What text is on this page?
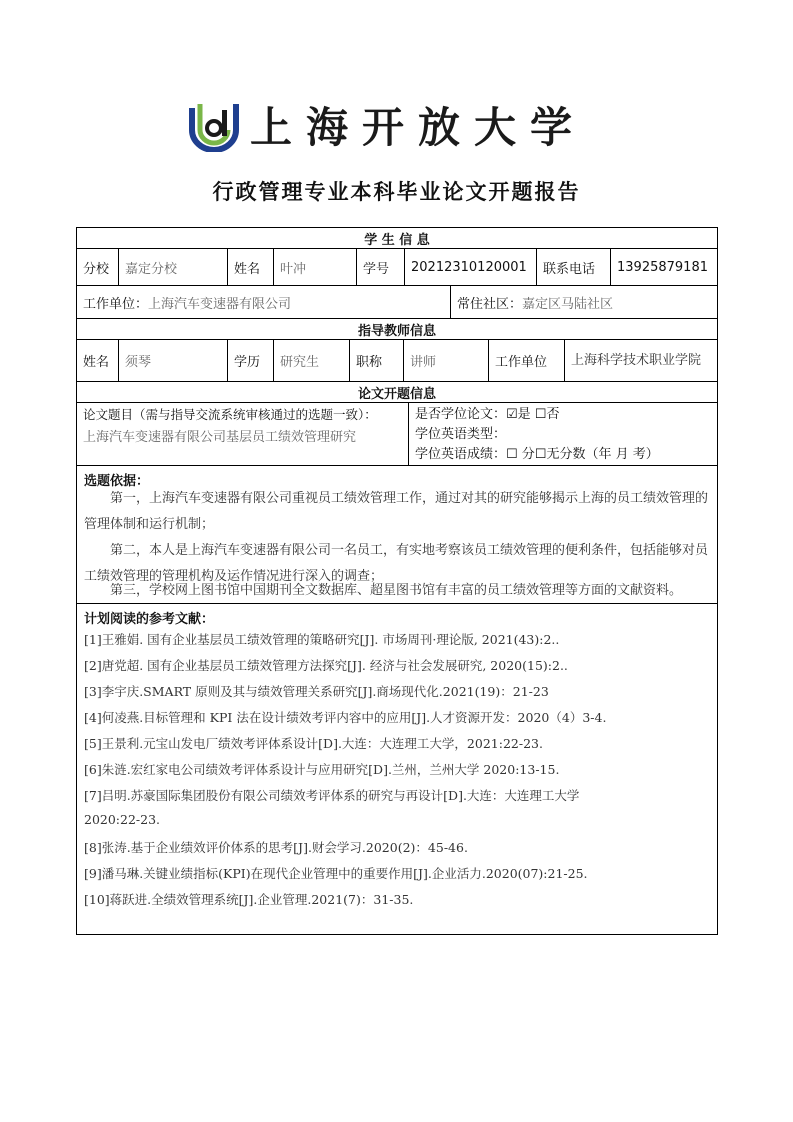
上海开放大学
行政管理专业本科毕业论文开题报告
学 生 信 息
分校 嘉定分校	姓名 叶冲	学号 20212310120001 联系电话 13925879181
工作单位： 上海汽车变速器有限公司	常住社区： 嘉定区马陆社区
指导教师信息
姓名 须琴	学历 研究生	职称 讲师	工作单位 上海科学技术职业学院
论文开题信息
论文题目（需与指导交流系统审核通过的选题一致）：
上海汽车变速器有限公司基层员工绩效管理研究
是否学位论文：☑是 ☐否
学位英语类型：
学位英语成绩：☐ 分☐无分数（年 月 考）
选题依据：
第一，上海汽车变速器有限公司重视员工绩效管理工作，通过对其的研究能够揭示上海的员工绩效管理的管理体制和运行机制；
第二，本人是上海汽车变速器有限公司一名员工，有实地考察该员工绩效管理的便利条件，包括能够对员工绩效管理的管理机构及运作情况进行深入的调查；
第三，学校网上图书馆中国期刊全文数据库、超星图书馆有丰富的员工绩效管理等方面的文献资料。
计划阅读的参考文献：
[1]王雅娟. 国有企业基层员工绩效管理的策略研究[J]. 市场周刊·理论版, 2021(43):2..
[2]唐党超. 国有企业基层员工绩效管理方法探究[J]. 经济与社会发展研究, 2020(15):2..
[3]李宇庆.SMART 原则及其与绩效管理关系研究[J].商场现代化.2021(19)：21-23
[4]何凌燕.目标管理和 KPI 法在设计绩效考评内容中的应用[J].人才资源开发：2020（4）3-4.
[5]王景利.元宝山发电厂绩效考评体系设计[D].大连：大连理工大学，2021:22-23.
[6]朱涟.宏红家电公司绩效考评体系设计与应用研究[D].兰州，兰州大学 2020:13-15.
[7]吕明.苏豪国际集团股份有限公司绩效考评体系的研究与再设计[D].大连：大连理工大学
2020:22-23.
[8]张涛.基于企业绩效评价体系的思考[J].财会学习.2020(2)：45-46.
[9]潘马琳.关键业绩指标(KPI)在现代企业管理中的重要作用[J].企业活力.2020(07):21-25.
[10]蒋跃进.全绩效管理系统[J].企业管理.2021(7)：31-35.
